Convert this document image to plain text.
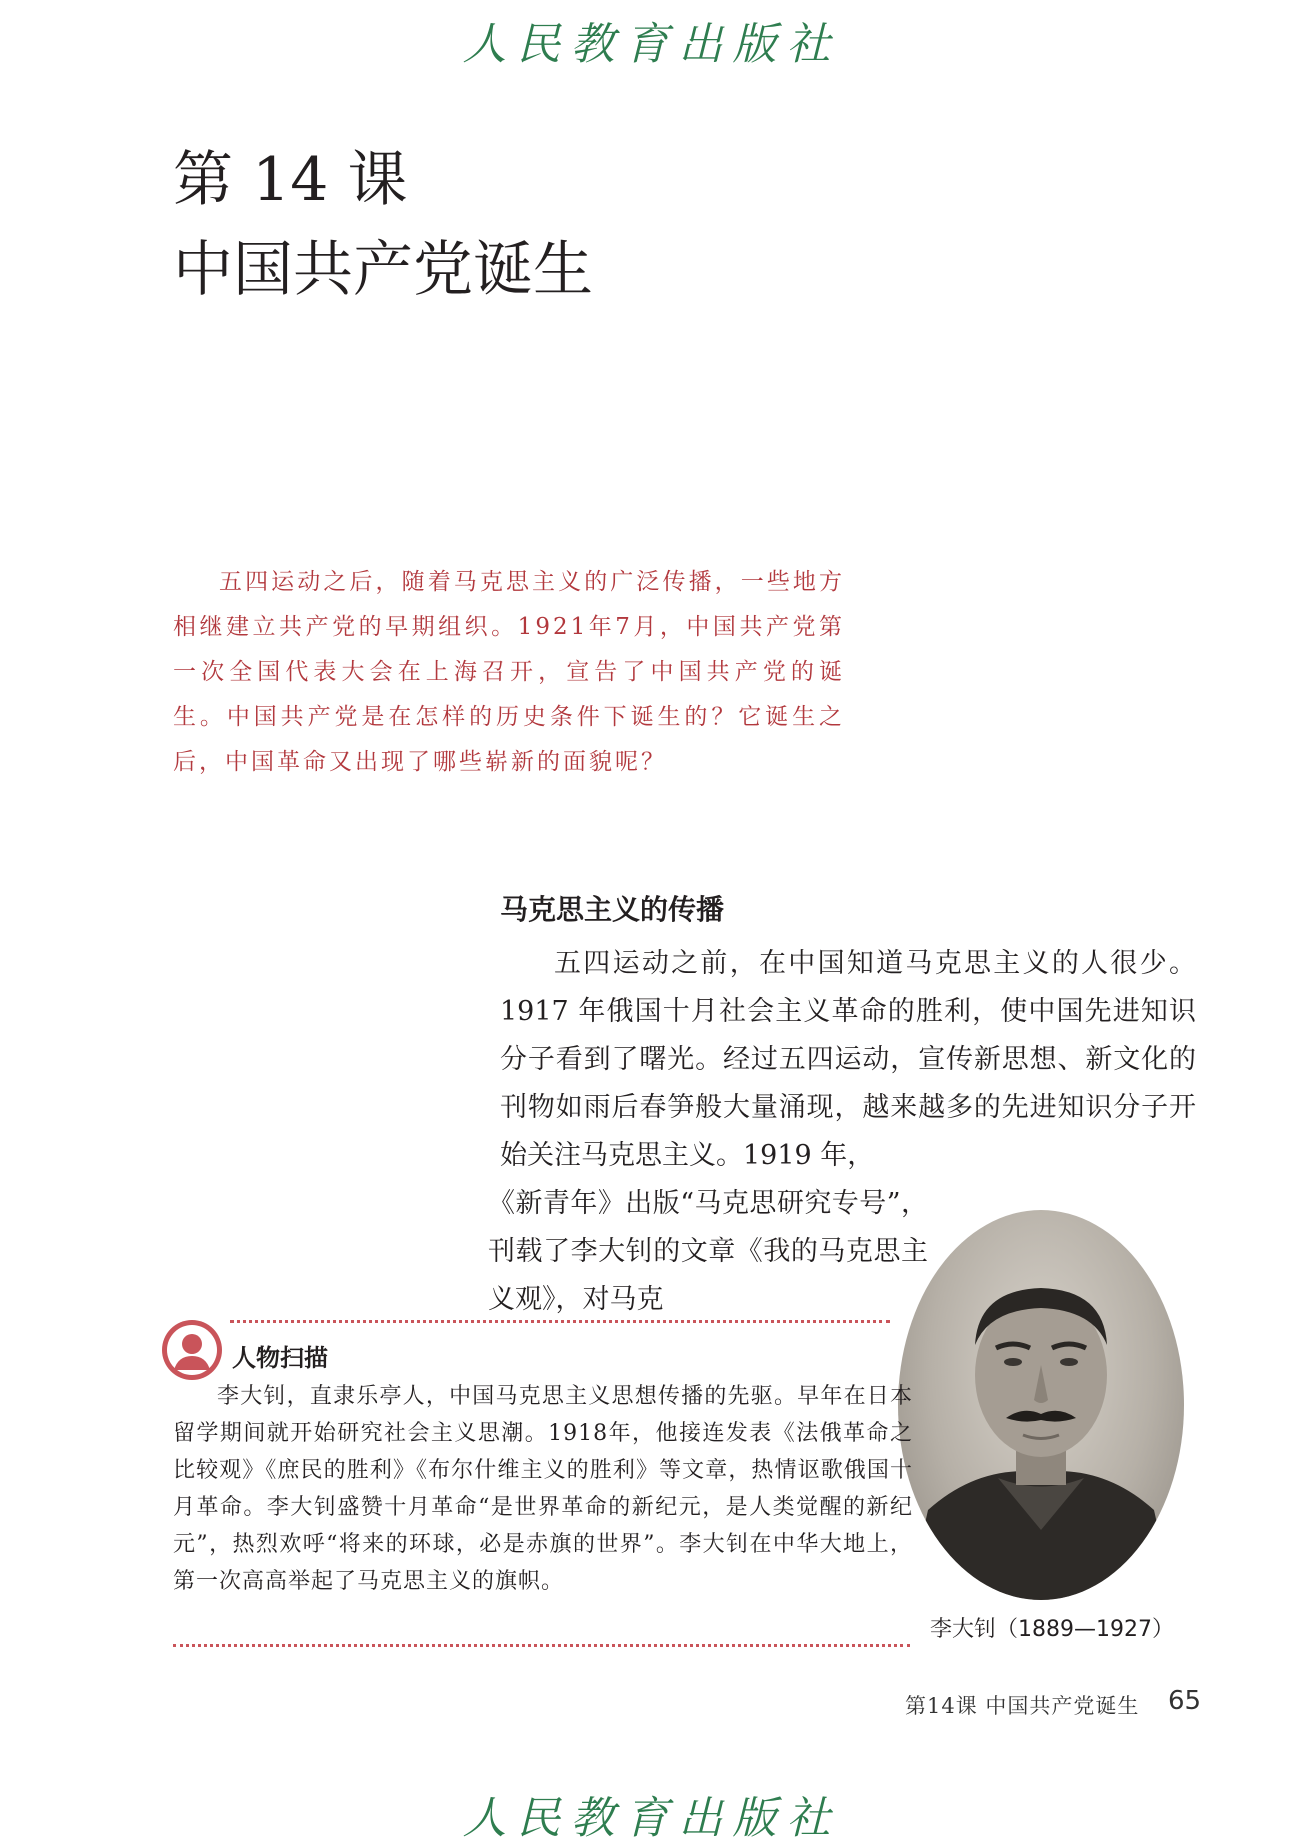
人民教育出版社
第 14 课
中国共产党诞生

五四运动之后，随着马克思主义的广泛传播，一些地方相继建立共产党的早期组织。1921年7月，中国共产党第一次全国代表大会在上海召开，宣告了中国共产党的诞生。中国共产党是在怎样的历史条件下诞生的？它诞生之后，中国革命又出现了哪些崭新的面貌呢？

马克思主义的传播

五四运动之前，在中国知道马克思主义的人很少。1917 年俄国十月社会主义革命的胜利，使中国先进知识分子看到了曙光。经过五四运动，宣传新思想、新文化的刊物如雨后春笋般大量涌现，越来越多的先进知识分子开始关注马克思主义。1919 年，

《新青年》出版“马克思研究专号”，刊载了李大钊的文章《我的马克思主义观》，对马克

李大钊（1889—1927）
人物扫描

李大钊，直隶乐亭人，中国马克思主义思想传播的先驱。早年在日本留学期间就开始研究社会主义思潮。1918年，他接连发表《法俄革命之比较观》《庶民的胜利》《布尔什维主义的胜利》等文章，热情讴歌俄国十月革命。李大钊盛赞十月革命“是世界革命的新纪元，是人类觉醒的新纪元”，热烈欢呼“将来的环球，必是赤旗的世界”。李大钊在中华大地上，第一次高高举起了马克思主义的旗帜。

第14课 中国共产党诞生 65
人民教育出版社
